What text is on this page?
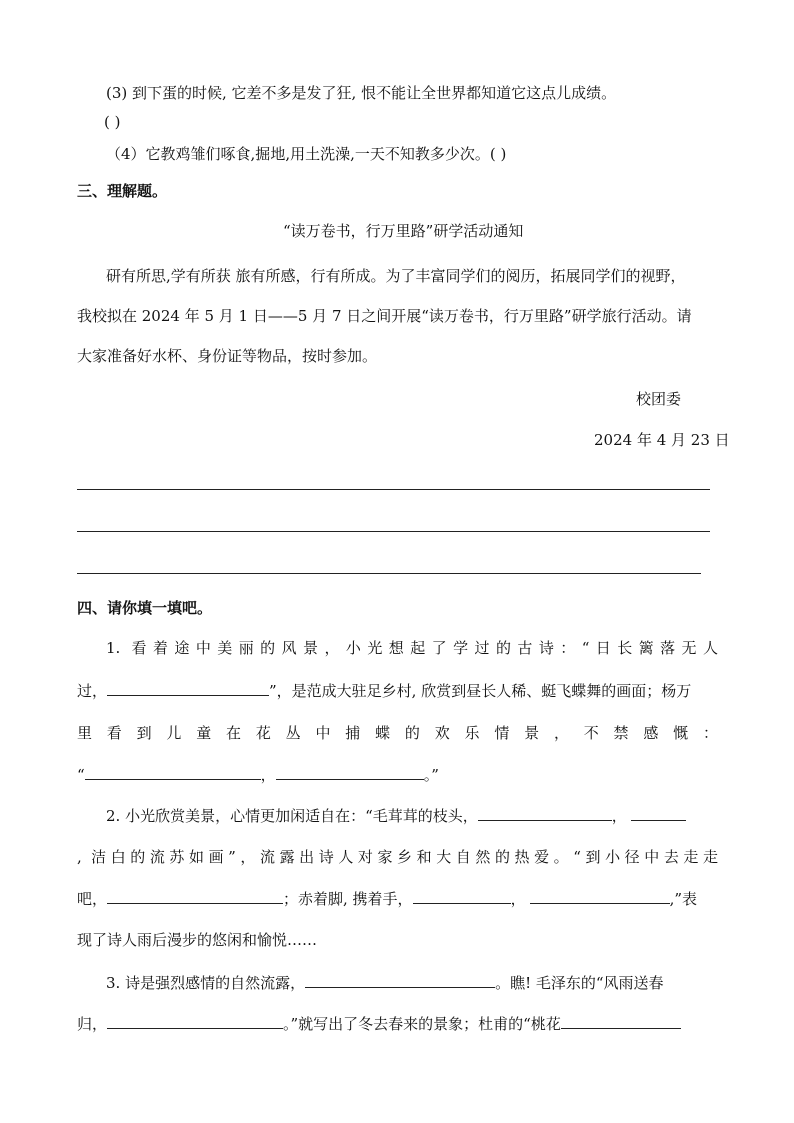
(3) 到下蛋的时候, 它差不多是发了狂, 恨不能让全世界都知道它这点儿成绩。
( )
（4）它教鸡雏们啄食,掘地,用土洗澡,一天不知教多少次。( )
三、理解题。
“读万卷书，行万里路”研学活动通知
研有所思,学有所获 旅有所感，行有所成。为了丰富同学们的阅历，拓展同学们的视野，
我校拟在 2024 年 5 月 1 日——5 月 7 日之间开展“读万卷书，行万里路”研学旅行活动。请
大家准备好水杯、身份证等物品，按时参加。
校团委
2024 年 4 月 23 日
四、请你填一填吧。
1. 看着途中美丽的风景，小光想起了学过的古诗：“日长篱落无人
过，	”，是范成大驻足乡村, 欣赏到昼长人稀、蜓飞蝶舞的画面；杨万
里看到儿童在花丛中捕蝶的欢乐情景，不禁感慨：
“	，	。”
2. 小光欣赏美景，心情更加闲适自在：“毛茸茸的枝头，	，
, 洁白的流苏如画”，流露出诗人对家乡和大自然的热爱。“到小径中去走走
吧，	；赤着脚, 携着手，	，	,”表
现了诗人雨后漫步的悠闲和愉悦……
3. 诗是强烈感情的自然流露，	。瞧! 毛泽东的“风雨送春
归，	。”就写出了冬去春来的景象；杜甫的“桃花
